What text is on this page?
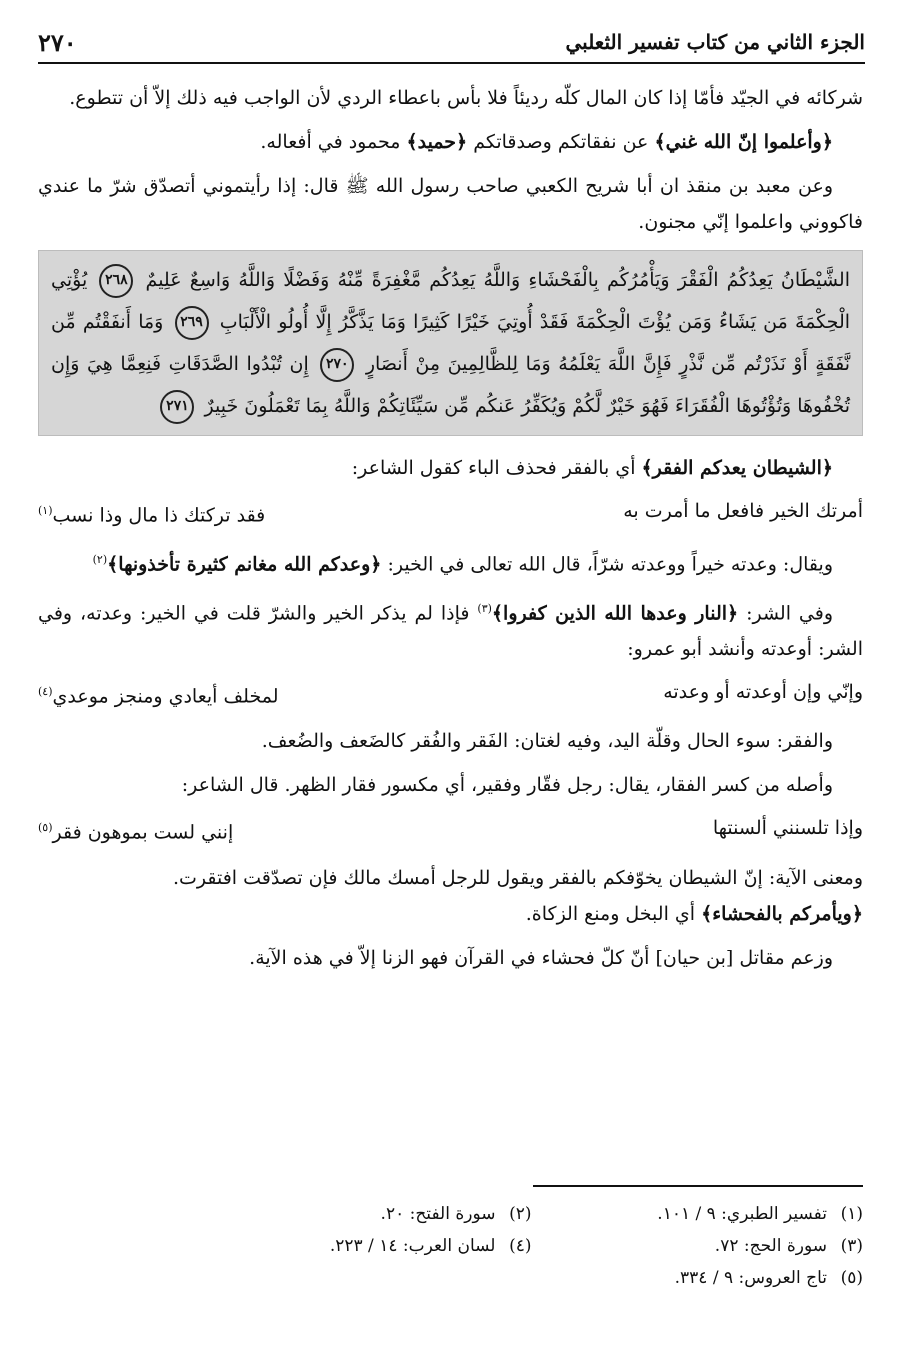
الجزء الثاني من كتاب تفسير الثعلبي
٢٧٠

شركائه في الجيّد فأمّا إذا كان المال كلّه رديئاً فلا بأس باعطاء الردي لأن الواجب فيه ذلك إلاّ أن تتطوع.

﴿وأعلموا إنّ الله غني﴾ عن نفقاتكم وصدقاتكم ﴿حميد﴾ محمود في أفعاله.

وعن معبد بن منقذ ان أبا شريح الكعبي صاحب رسول الله ﷺ قال: إذا رأيتموني أتصدّق شرّ ما عندي فاكووني واعلموا إنّي مجنون.

الشَّيْطَانُ يَعِدُكُمُ الْفَقْرَ وَيَأْمُرُكُم بِالْفَحْشَاءِ وَاللَّهُ يَعِدُكُم مَّغْفِرَةً مِّنْهُ وَفَضْلًا وَاللَّهُ وَاسِعٌ عَلِيمٌ ٢٦٨ يُؤْتِي الْحِكْمَةَ مَن يَشَاءُ وَمَن يُؤْتَ الْحِكْمَةَ فَقَدْ أُوتِيَ خَيْرًا كَثِيرًا وَمَا يَذَّكَّرُ إِلَّا أُولُو الْأَلْبَابِ ٢٦٩ وَمَا أَنفَقْتُم مِّن نَّفَقَةٍ أَوْ نَذَرْتُم مِّن نَّذْرٍ فَإِنَّ اللَّهَ يَعْلَمُهُ وَمَا لِلظَّالِمِينَ مِنْ أَنصَارٍ ٢٧٠ إِن تُبْدُوا الصَّدَقَاتِ فَنِعِمَّا هِيَ وَإِن تُخْفُوهَا وَتُؤْتُوهَا الْفُقَرَاءَ فَهُوَ خَيْرٌ لَّكُمْ وَيُكَفِّرُ عَنكُم مِّن سَيِّئَاتِكُمْ وَاللَّهُ بِمَا تَعْمَلُونَ خَبِيرٌ ٢٧١

﴿الشيطان يعدكم الفقر﴾ أي بالفقر فحذف الباء كقول الشاعر:

أمرتك الخير فافعل ما أمرت به
فقد تركتك ذا مال وذا نسب$^{(١)}$

ويقال: وعدته خيراً ووعدته شرّاً، قال الله تعالى في الخير: ﴿وعدكم الله مغانم كثيرة تأخذونها﴾$^{(٢)}$

وفي الشر: ﴿النار وعدها الله الذين كفروا﴾$^{(٣)}$ فإذا لم يذكر الخير والشرّ قلت في الخير: وعدته، وفي الشر: أوعدته وأنشد أبو عمرو:

وإنّي وإن أوعدته أو وعدته
لمخلف أيعادي ومنجز موعدي$^{(٤)}$

والفقر: سوء الحال وقلّة اليد، وفيه لغتان: الفَقر والفُقر كالضَعف والضُعف.

وأصله من كسر الفقار، يقال: رجل فقّار وفقير، أي مكسور فقار الظهر. قال الشاعر:

وإذا تلسنني ألسنتها
إنني لست بموهون فقر$^{(٥)}$

ومعنى الآية: إنّ الشيطان يخوّفكم بالفقر ويقول للرجل أمسك مالك فإن تصدّقت افتقرت.

﴿ويأمركم بالفحشاء﴾ أي البخل ومنع الزكاة.

وزعم مقاتل [بن حيان] أنّ كلّ فحشاء في القرآن فهو الزنا إلاّ في هذه الآية.

(١)تفسير الطبري: ٩ / ١٠١.
(٢)سورة الفتح: ٢٠.
(٣)سورة الحج: ٧٢.
(٤)لسان العرب: ١٤ / ٢٢٣.
(٥)تاج العروس: ٩ / ٣٣٤.
